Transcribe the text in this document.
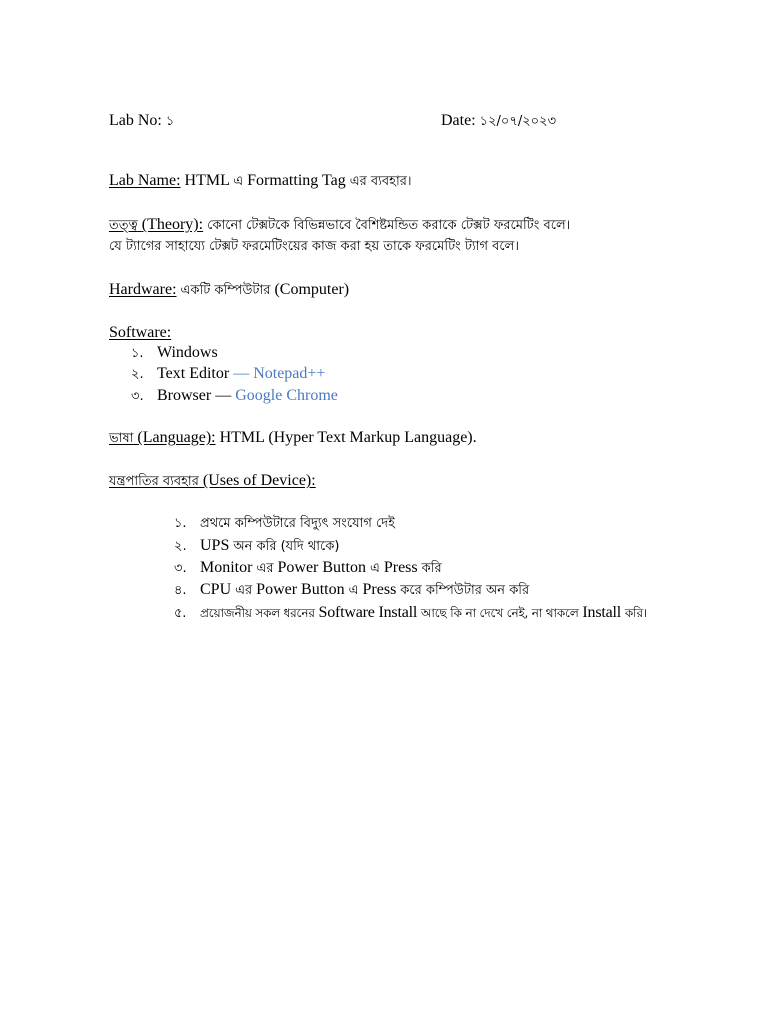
Lab No: ১	Date: ১২/০৭/২০২৩
Lab Name: HTML এ Formatting Tag এর ব্যবহার।
তত্ত্ব (Theory): কোনো টেক্সটকে বিভিন্নভাবে বৈশিষ্টমন্ডিত করাকে টেক্সট ফরমেটিং বলে।
যে ট্যাগের সাহায্যে টেক্সট ফরমেটিংয়ের কাজ করা হয় তাকে ফরমেটিং ট্যাগ বলে।
Hardware: একটি কম্পিউটার (Computer)
Software:
১. Windows
২. Text Editor — Notepad++
৩. Browser — Google Chrome
ভাষা (Language): HTML (Hyper Text Markup Language).
যন্ত্রপাতির ব্যবহার (Uses of Device):
১. প্রথমে কম্পিউটারে বিদ্যুৎ সংযোগ দেই
২. UPS অন করি (যদি থাকে)
৩. Monitor এর Power Button এ Press করি
৪. CPU এর Power Button এ Press করে কম্পিউটার অন করি
৫. প্রয়োজনীয় সকল ধরনের Software Install আছে কি না দেখে নেই, না থাকলে Install করি।
